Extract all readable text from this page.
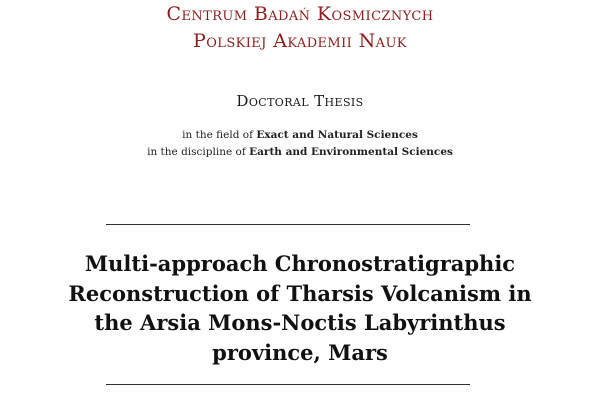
Centrum Badań Kosmicznych
Polskiej Akademii Nauk
Doctoral Thesis
in the field of Exact and Natural Sciences
in the discipline of Earth and Environmental Sciences
Multi-approach Chronostratigraphic
Reconstruction of Tharsis Volcanism in
the Arsia Mons-Noctis Labyrinthus
province, Mars
